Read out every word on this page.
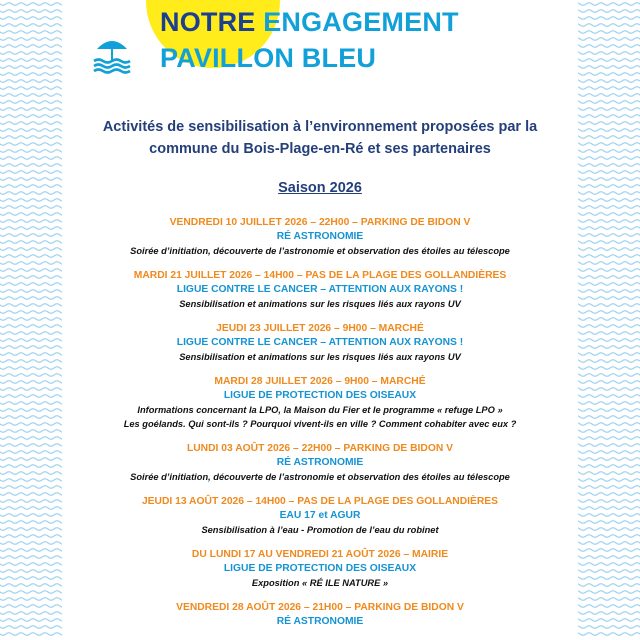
NOTRE ENGAGEMENT
PAVILLON BLEU
Activités de sensibilisation à l’environnement proposées par la
commune du Bois-Plage-en-Ré et ses partenaires
Saison 2026
VENDREDI 10 JUILLET 2026 – 22H00 – PARKING DE BIDON V
RÉ ASTRONOMIE
Soirée d’initiation, découverte de l’astronomie et observation des étoiles au télescope
MARDI 21 JUILLET 2026 – 14H00 – PAS DE LA PLAGE DES GOLLANDIÈRES
LIGUE CONTRE LE CANCER – ATTENTION AUX RAYONS !
Sensibilisation et animations sur les risques liés aux rayons UV
JEUDI 23 JUILLET 2026 – 9H00 – MARCHÉ
LIGUE CONTRE LE CANCER – ATTENTION AUX RAYONS !
Sensibilisation et animations sur les risques liés aux rayons UV
MARDI 28 JUILLET 2026 – 9H00 – MARCHÉ
LIGUE DE PROTECTION DES OISEAUX
Informations concernant la LPO, la Maison du Fier et le programme « refuge LPO »
Les goélands. Qui sont-ils ? Pourquoi vivent-ils en ville ? Comment cohabiter avec eux ?
LUNDI 03 AOÛT 2026 – 22H00 – PARKING DE BIDON V
RÉ ASTRONOMIE
Soirée d’initiation, découverte de l’astronomie et observation des étoiles au télescope
JEUDI 13 AOÛT 2026 – 14H00 – PAS DE LA PLAGE DES GOLLANDIÈRES
EAU 17 et AGUR
Sensibilisation à l’eau - Promotion de l’eau du robinet
DU LUNDI 17 AU VENDREDI 21 AOÛT 2026 – MAIRIE
LIGUE DE PROTECTION DES OISEAUX
Exposition « RÉ ILE NATURE »
VENDREDI 28 AOÛT 2026 – 21H00 – PARKING DE BIDON V
RÉ ASTRONOMIE
